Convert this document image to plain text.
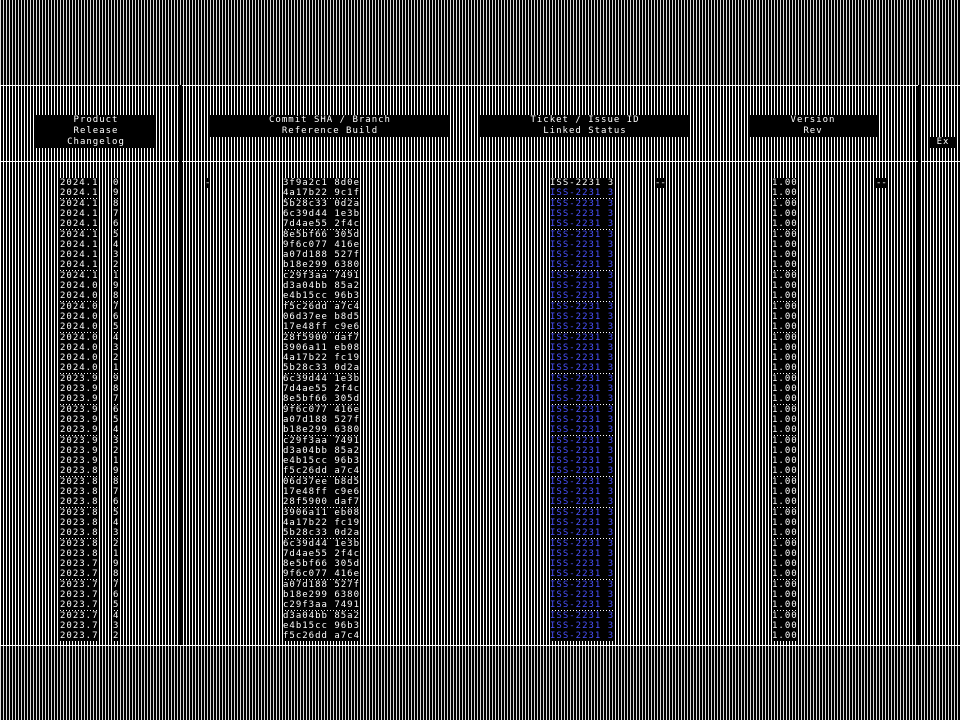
Product
Release
Changelog
Commit SHA / Branch
Reference Build
Ticket / Issue ID
Linked Status
Version
Rev
Ex
-	--	--
2024.1 0	3f9a2c1 8d0e	ISS-2231 3	1.00
2024.1 9	4a17b22 9c1f	ISS-2231 3	1.00
2024.1 8	5b28c33 0d2a	ISS-2231 3	1.00
2024.1 7	6c39d44 1e3b	ISS-2231 3	1.00
2024.1 6	7d4ae55 2f4c	ISS-2231 3	1.00
2024.1 5	8e5bf66 305d	ISS-2231 3	1.00
2024.1 4	9f6c077 416e	ISS-2231 3	1.00
2024.1 3	a07d188 527f	ISS-2231 3	1.00
2024.1 2	b18e299 6380	ISS-2231 3	1.00
2024.1 1	c29f3aa 7491	ISS-2231 3	1.00
2024.0 9	d3a04bb 85a2	ISS-2231 3	1.00
2024.0 8	e4b15cc 96b3	ISS-2231 3	1.00
2024.0 7	f5c26dd a7c4	ISS-2231 3	1.00
2024.0 6	06d37ee b8d5	ISS-2231 3	1.00
2024.0 5	17e48ff c9e6	ISS-2231 3	1.00
2024.0 4	28f5900 daf7	ISS-2231 3	1.00
2024.0 3	3906a11 eb08	ISS-2231 3	1.00
2024.0 2	4a17b22 fc19	ISS-2231 3	1.00
2024.0 1	5b28c33 0d2a	ISS-2231 3	1.00
2023.9 9	6c39d44 1e3b	ISS-2231 3	1.00
2023.9 8	7d4ae55 2f4c	ISS-2231 3	1.00
2023.9 7	8e5bf66 305d	ISS-2231 3	1.00
2023.9 6	9f6c077 416e	ISS-2231 3	1.00
2023.9 5	a07d188 527f	ISS-2231 3	1.00
2023.9 4	b18e299 6380	ISS-2231 3	1.00
2023.9 3	c29f3aa 7491	ISS-2231 3	1.00
2023.9 2	d3a04bb 85a2	ISS-2231 3	1.00
2023.9 1	e4b15cc 96b3	ISS-2231 3	1.00
2023.8 9	f5c26dd a7c4	ISS-2231 3	1.00
2023.8 8	06d37ee b8d5	ISS-2231 3	1.00
2023.8 7	17e48ff c9e6	ISS-2231 3	1.00
2023.8 6	28f5900 daf7	ISS-2231 3	1.00
2023.8 5	3906a11 eb08	ISS-2231 3	1.00
2023.8 4	4a17b22 fc19	ISS-2231 3	1.00
2023.8 3	5b28c33 0d2a	ISS-2231 3	1.00
2023.8 2	6c39d44 1e3b	ISS-2231 3	1.00
2023.8 1	7d4ae55 2f4c	ISS-2231 3	1.00
2023.7 9	8e5bf66 305d	ISS-2231 3	1.00
2023.7 8	9f6c077 416e	ISS-2231 3	1.00
2023.7 7	a07d188 527f	ISS-2231 3	1.00
2023.7 6	b18e299 6380	ISS-2231 3	1.00
2023.7 5	c29f3aa 7491	ISS-2231 3	1.00
2023.7 4	d3a04bb 85a2	ISS-2231 3	1.00
2023.7 3	e4b15cc 96b3	ISS-2231 3	1.00
2023.7 2	f5c26dd a7c4	ISS-2231 3	1.00
